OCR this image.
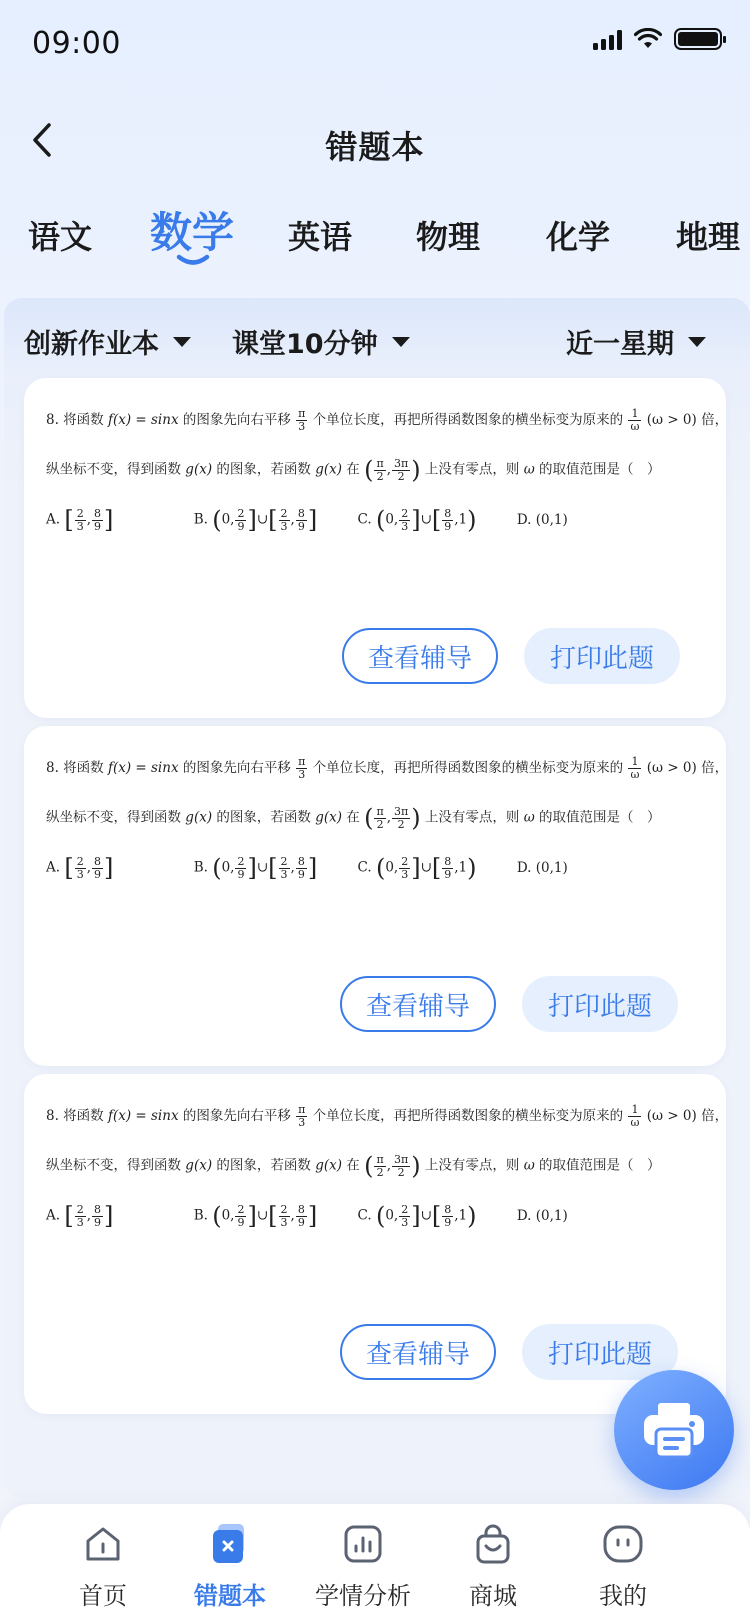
09:00
错题本
语文 数学 英语 物理 化学 地理
创新作业本	课堂10分钟	近一星期
8. 将函数 f(x) = sinx 的图象先向右平移 $\frac{\pi}{3}$ 个单位长度，再把所得函数图象的横坐标变为原来的 $\frac{1}{\omega} (\omega > 0)$ 倍，
纵坐标不变，得到函数 g(x) 的图象，若函数 g(x) 在 ( $\frac{\pi}{2}$ , $\frac{3\pi}{2}$ ) 上没有零点，则 ω 的取值范围是（　）
A. [ $\frac{2}{3}$ , $\frac{8}{9}$ ]	B. (0, $\frac{2}{9}$ ]∪[ $\frac{2}{3}$ , $\frac{8}{9}$ ]	C. (0, $\frac{2}{3}$ ]∪[ $\frac{8}{9} ,1$)	D. (0,1)
查看辅导	打印此题
8. 将函数 f(x) = sinx 的图象先向右平移 $\frac{\pi}{3}$ 个单位长度，再把所得函数图象的横坐标变为原来的 $\frac{1}{\omega} (\omega > 0)$ 倍，
纵坐标不变，得到函数 g(x) 的图象，若函数 g(x) 在 ( $\frac{\pi}{2}$ , $\frac{3\pi}{2}$ ) 上没有零点，则 ω 的取值范围是（　）
A. [ $\frac{2}{3}$ , $\frac{8}{9}$ ]	B. (0, $\frac{2}{9}$ ]∪[ $\frac{2}{3}$ , $\frac{8}{9}$ ]	C. (0, $\frac{2}{3}$ ]∪[ $\frac{8}{9} ,1$)	D. (0,1)
查看辅导	打印此题
8. 将函数 f(x) = sinx 的图象先向右平移 $\frac{\pi}{3}$ 个单位长度，再把所得函数图象的横坐标变为原来的 $\frac{1}{\omega} (\omega > 0)$ 倍，
纵坐标不变，得到函数 g(x) 的图象，若函数 g(x) 在 ( $\frac{\pi}{2}$ , $\frac{3\pi}{2}$ ) 上没有零点，则 ω 的取值范围是（　）
A. [ $\frac{2}{3}$ , $\frac{8}{9}$ ]	B. (0, $\frac{2}{9}$ ]∪[ $\frac{2}{3}$ , $\frac{8}{9}$ ]	C. (0, $\frac{2}{3}$ ]∪[ $\frac{8}{9} ,1$)	D. (0,1)
查看辅导	打印此题
首页	错题本	学情分析	商城	我的
